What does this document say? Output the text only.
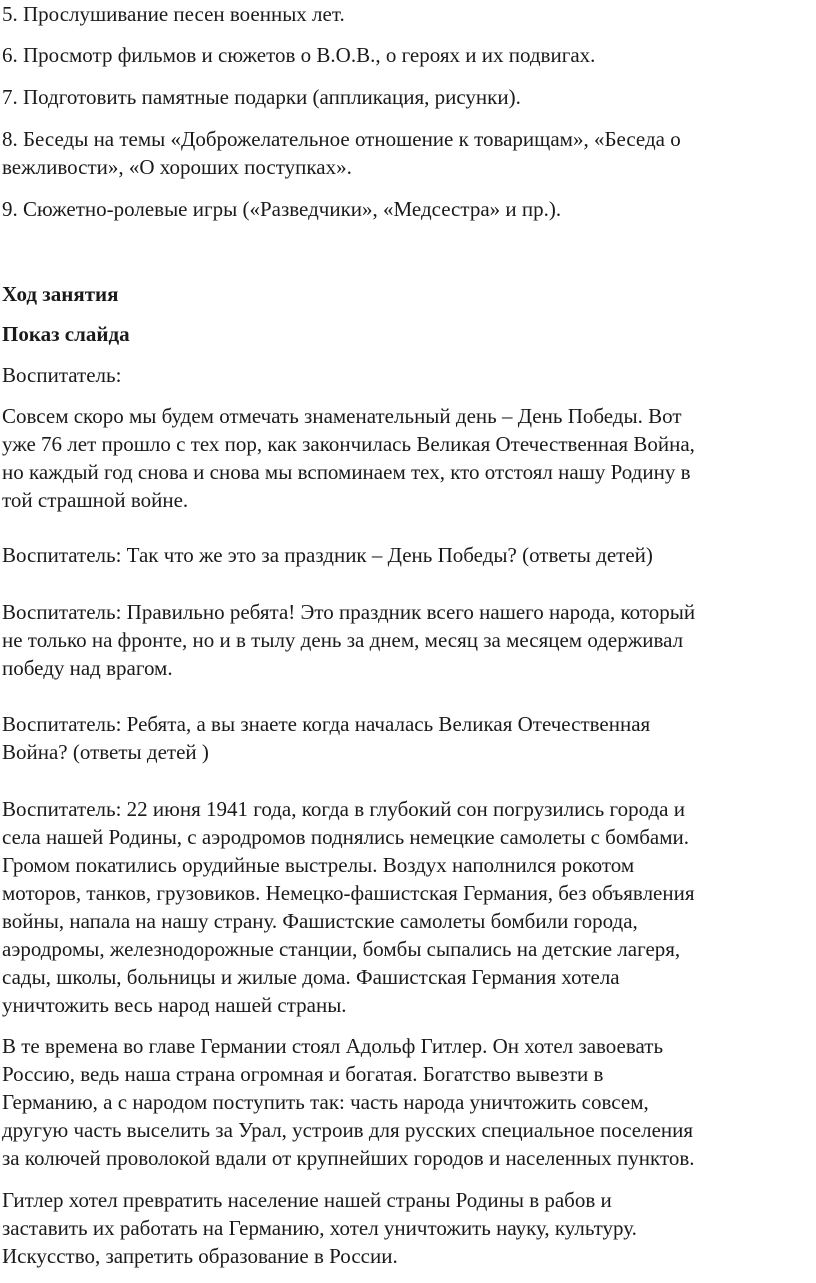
5. Прослушивание песен военных лет.

6. Просмотр фильмов и сюжетов о В.О.В., о героях и их подвигах.

7. Подготовить памятные подарки (аппликация, рисунки).

8. Беседы на темы «Доброжелательное отношение к товарищам», «Беседа о
вежливости», «О хороших поступках».

9. Сюжетно-ролевые игры («Разведчики», «Медсестра» и пр.).

Ход занятия

Показ слайда

Воспитатель:

Совсем скоро мы будем отмечать знаменательный день – День Победы. Вот
уже 76 лет прошло с тех пор, как закончилась Великая Отечественная Война,
но каждый год снова и снова мы вспоминаем тех, кто отстоял нашу Родину в
той страшной войне.

Воспитатель: Так что же это за праздник – День Победы? (ответы детей)

Воспитатель: Правильно ребята! Это праздник всего нашего народа, который
не только на фронте, но и в тылу день за днем, месяц за месяцем одерживал
победу над врагом.

Воспитатель: Ребята, а вы знаете когда началась Великая Отечественная
Война? (ответы детей )

Воспитатель: 22 июня 1941 года, когда в глубокий сон погрузились города и
села нашей Родины, с аэродромов поднялись немецкие самолеты с бомбами.
Громом покатились орудийные выстрелы. Воздух наполнился рокотом
моторов, танков, грузовиков. Немецко-фашистская Германия, без объявления
войны, напала на нашу страну. Фашистские самолеты бомбили города,
аэродромы, железнодорожные станции, бомбы сыпались на детские лагеря,
сады, школы, больницы и жилые дома. Фашистская Германия хотела
уничтожить весь народ нашей страны.

В те времена во главе Германии стоял Адольф Гитлер. Он хотел завоевать
Россию, ведь наша страна огромная и богатая. Богатство вывезти в
Германию, а с народом поступить так: часть народа уничтожить совсем,
другую часть выселить за Урал, устроив для русских специальное поселения
за колючей проволокой вдали от крупнейших городов и населенных пунктов.

Гитлер хотел превратить население нашей страны Родины в рабов и
заставить их работать на Германию, хотел уничтожить науку, культуру.
Искусство, запретить образование в России.
